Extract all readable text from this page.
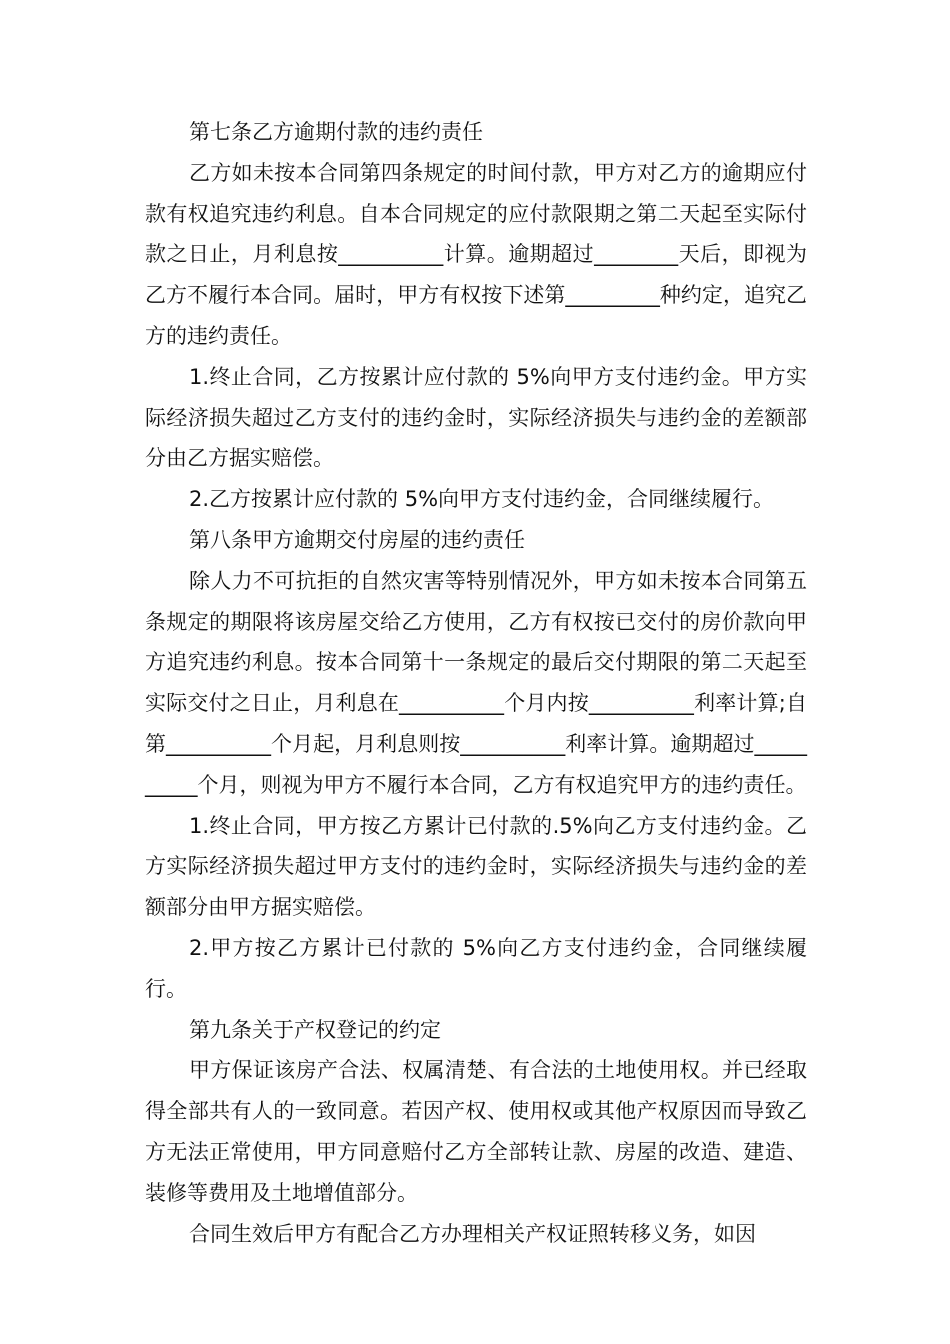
第七条乙方逾期付款的违约责任

乙方如未按本合同第四条规定的时间付款，甲方对乙方的逾期应付款有权追究违约利息。自本合同规定的应付款限期之第二天起至实际付款之日止，月利息按__________计算。逾期超过________天后，即视为乙方不履行本合同。届时，甲方有权按下述第_________种约定，追究乙方的违约责任。

1.终止合同，乙方按累计应付款的 5%向甲方支付违约金。甲方实际经济损失超过乙方支付的违约金时，实际经济损失与违约金的差额部分由乙方据实赔偿。

2.乙方按累计应付款的 5%向甲方支付违约金，合同继续履行。

第八条甲方逾期交付房屋的违约责任

除人力不可抗拒的自然灾害等特别情况外，甲方如未按本合同第五条规定的期限将该房屋交给乙方使用，乙方有权按已交付的房价款向甲方追究违约利息。按本合同第十一条规定的最后交付期限的第二天起至实际交付之日止，月利息在__________个月内按__________利率计算;自第__________个月起，月利息则按__________利率计算。逾期超过__________个月，则视为甲方不履行本合同，乙方有权追究甲方的违约责任。

1.终止合同，甲方按乙方累计已付款的.5%向乙方支付违约金。乙方实际经济损失超过甲方支付的违约金时，实际经济损失与违约金的差额部分由甲方据实赔偿。

2.甲方按乙方累计已付款的 5%向乙方支付违约金，合同继续履行。

第九条关于产权登记的约定

甲方保证该房产合法、权属清楚、有合法的土地使用权。并已经取得全部共有人的一致同意。若因产权、使用权或其他产权原因而导致乙方无法正常使用，甲方同意赔付乙方全部转让款、房屋的改造、建造、装修等费用及土地增值部分。

合同生效后甲方有配合乙方办理相关产权证照转移义务，如因
